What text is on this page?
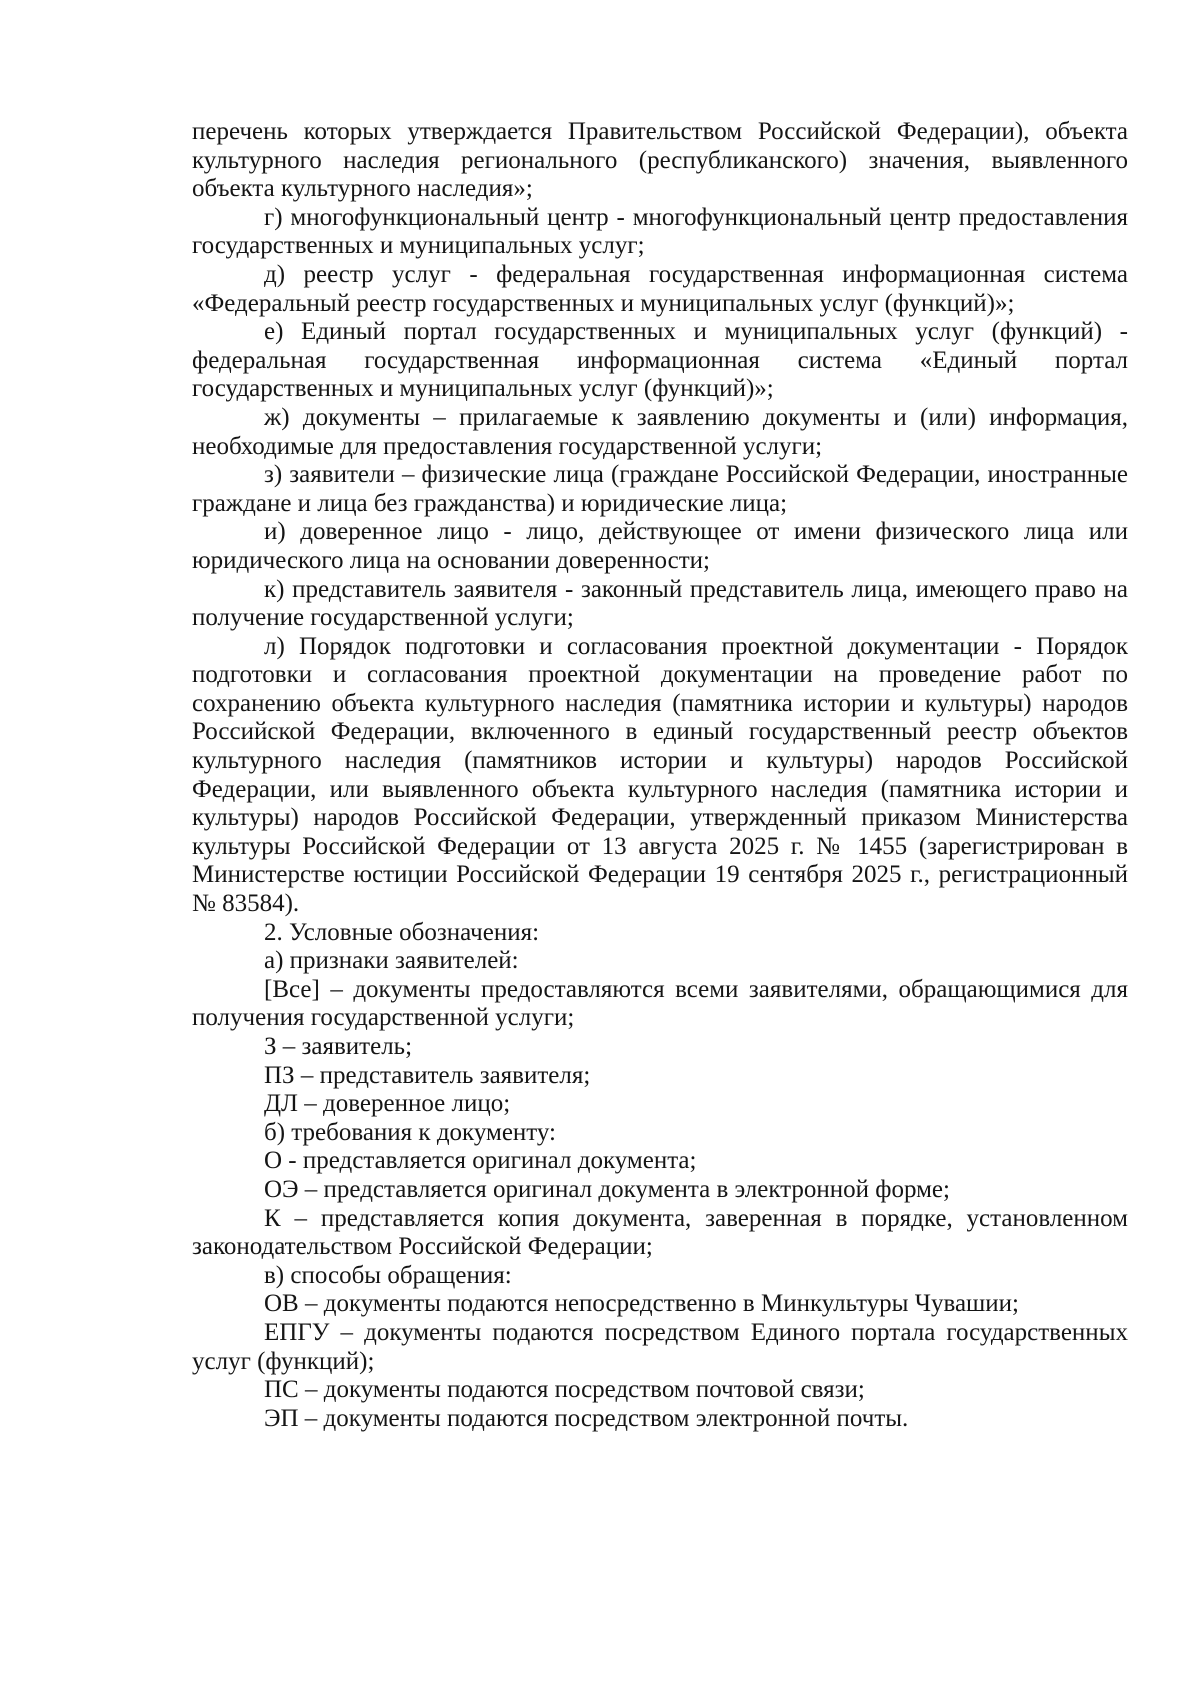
перечень которых утверждается Правительством Российской Федерации), объекта культурного наследия регионального (республиканского) значения, выявленного объекта культурного наследия»;

г) многофункциональный центр - многофункциональный центр предоставления государственных и муниципальных услуг;

д) реестр услуг - федеральная государственная информационная система «Федеральный реестр государственных и муниципальных услуг (функций)»;

е) Единый портал государственных и муниципальных услуг (функций) - федеральная государственная информационная система «Единый портал государственных и муниципальных услуг (функций)»;

ж) документы – прилагаемые к заявлению документы и (или) информация, необходимые для предоставления государственной услуги;

з) заявители – физические лица (граждане Российской Федерации, иностранные граждане и лица без гражданства) и юридические лица;

и) доверенное лицо - лицо, действующее от имени физического лица или юридического лица на основании доверенности;

к) представитель заявителя - законный представитель лица, имеющего право на получение государственной услуги;

л) Порядок подготовки и согласования проектной документации - Порядок подготовки и согласования проектной документации на проведение работ по сохранению объекта культурного наследия (памятника истории и культуры) народов Российской Федерации, включенного в единый государственный реестр объектов культурного наследия (памятников истории и культуры) народов Российской Федерации, или выявленного объекта культурного наследия (памятника истории и культуры) народов Российской Федерации, утвержденный приказом Министерства культуры Российской Федерации от 13 августа 2025 г. № 1455 (зарегистрирован в Министерстве юстиции Российской Федерации 19 сентября 2025 г., регистрационный № 83584).

2. Условные обозначения:

а) признаки заявителей:

[Все] – документы предоставляются всеми заявителями, обращающимися для получения государственной услуги;

З – заявитель;

ПЗ – представитель заявителя;

ДЛ – доверенное лицо;

б) требования к документу:

О - представляется оригинал документа;

ОЭ – представляется оригинал документа в электронной форме;

К – представляется копия документа, заверенная в порядке, установленном законодательством Российской Федерации;

в) способы обращения:

ОВ – документы подаются непосредственно в Минкультуры Чувашии;

ЕПГУ – документы подаются посредством Единого портала государственных услуг (функций);

ПС – документы подаются посредством почтовой связи;

ЭП – документы подаются посредством электронной почты.
